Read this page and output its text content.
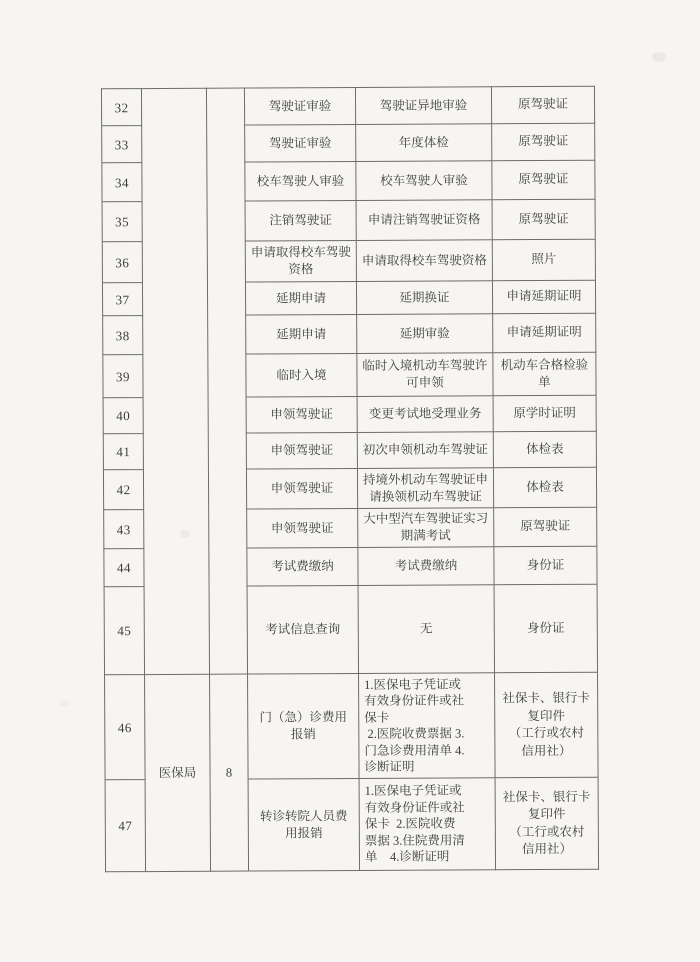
32			驾驶证审验	驾驶证异地审验	原驾驶证
33			驾驶证审验	年度体检	原驾驶证
34			校车驾驶人审验	校车驾驶人审验	原驾驶证
35			注销驾驶证	申请注销驾驶证资格	原驾驶证
36			申请取得校车驾驶
资格	申请取得校车驾驶资格	照片
37			延期申请	延期换证	申请延期证明
38			延期申请	延期审验	申请延期证明
39			临时入境	临时入境机动车驾驶许
可申领	机动车合格检验
单
40			申领驾驶证	变更考试地受理业务	原学时证明
41			申领驾驶证	初次申领机动车驾驶证	体检表
42			申领驾驶证	持境外机动车驾驶证申
请换领机动车驾驶证	体检表
43			申领驾驶证	大中型汽车驾驶证实习
期满考试	原驾驶证
44			考试费缴纳	考试费缴纳	身份证
45			考试信息查询	无	身份证
46	医保局	8	门（急）诊费用
报销	1.医保电子凭证或
有效身份证件或社
保卡
2.医院收费票据 3.
门急诊费用清单 4.
诊断证明	社保卡、银行卡
复印件
（工行或农村
信用社）
47			转诊转院人员费
用报销	1.医保电子凭证或
有效身份证件或社
保卡  2.医院收费
票据 3.住院费用清
单    4.诊断证明	社保卡、银行卡
复印件
（工行或农村
信用社）
